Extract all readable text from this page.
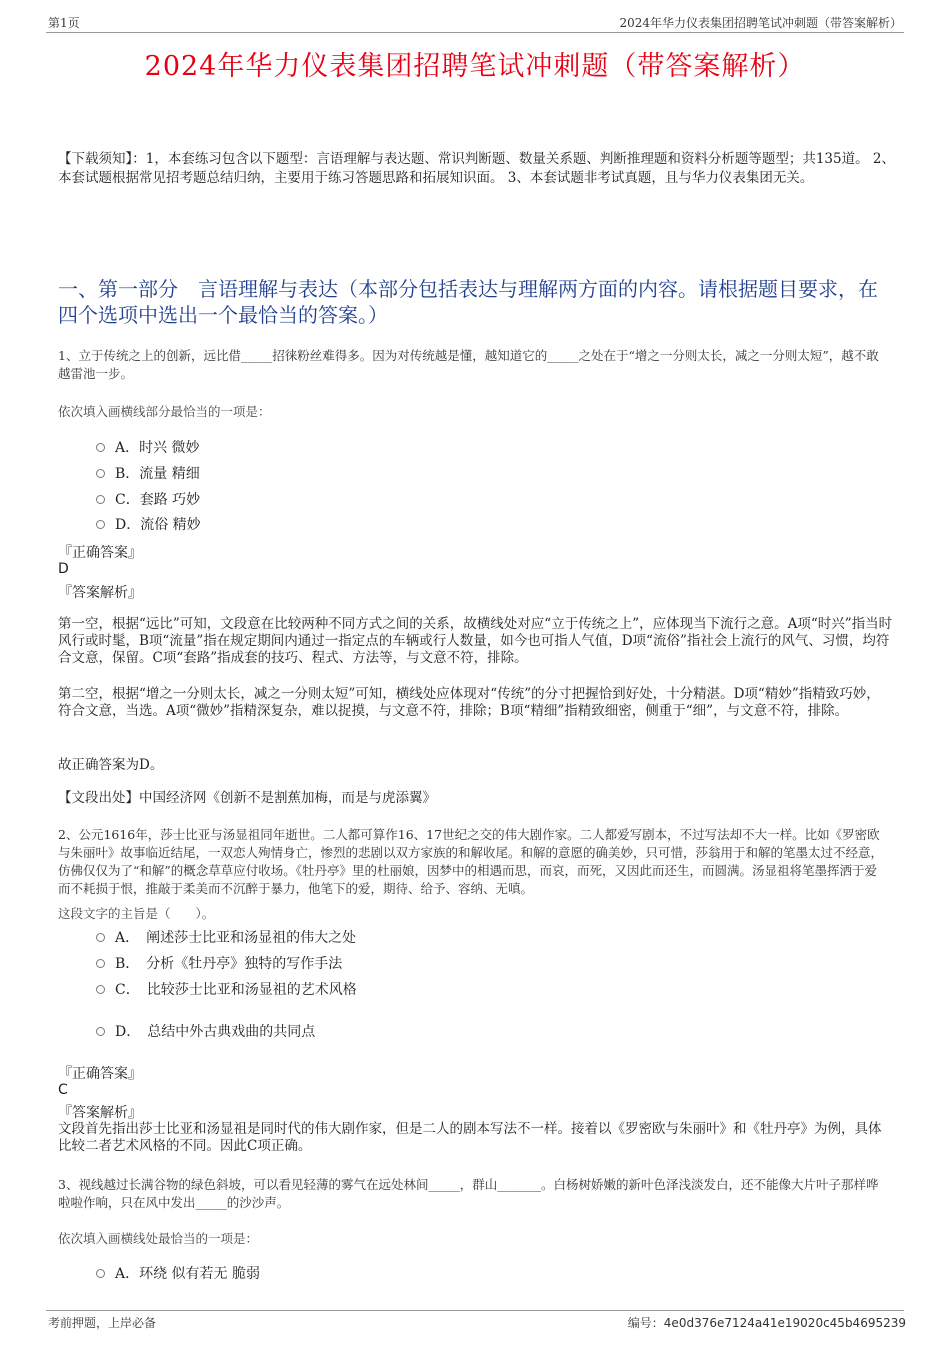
第1页	2024年华力仪表集团招聘笔试冲刺题（带答案解析）
2024年华力仪表集团招聘笔试冲刺题（带答案解析）
【下载须知】：1，本套练习包含以下题型：言语理解与表达题、常识判断题、数量关系题、判断推理题和资料分析题等题型；共135道。 2、本套试题根据常见招考题总结归纳，主要用于练习答题思路和拓展知识面。 3、本套试题非考试真题，且与华力仪表集团无关。
一、第一部分　言语理解与表达（本部分包括表达与理解两方面的内容。请根据题目要求，在四个选项中选出一个最恰当的答案。）
1、立于传统之上的创新，远比借_____招徕粉丝难得多。因为对传统越是懂，越知道它的_____之处在于“增之一分则太长，减之一分则太短”，越不敢越雷池一步。
依次填入画横线部分最恰当的一项是：
A．时兴 微妙
B．流量 精细
C．套路 巧妙
D．流俗 精妙
『正确答案』
D
『答案解析』
第一空，根据“远比”可知，文段意在比较两种不同方式之间的关系，故横线处对应“立于传统之上”，应体现当下流行之意。A项“时兴”指当时风行或时髦，B项“流量”指在规定期间内通过一指定点的车辆或行人数量，如今也可指人气值，D项“流俗”指社会上流行的风气、习惯，均符合文意，保留。C项“套路”指成套的技巧、程式、方法等，与文意不符，排除。
第二空，根据“增之一分则太长，减之一分则太短”可知，横线处应体现对“传统”的分寸把握恰到好处，十分精湛。D项“精妙”指精致巧妙，符合文意，当选。A项“微妙”指精深复杂，难以捉摸，与文意不符，排除；B项“精细”指精致细密，侧重于“细”，与文意不符，排除。
故正确答案为D。
【文段出处】中国经济网《创新不是割蕉加梅，而是与虎添翼》
2、公元1616年，莎士比亚与汤显祖同年逝世。二人都可算作16、17世纪之交的伟大剧作家。二人都爱写剧本，不过写法却不大一样。比如《罗密欧与朱丽叶》故事临近结尾，一双恋人殉情身亡，惨烈的悲剧以双方家族的和解收尾。和解的意愿的确美妙，只可惜，莎翁用于和解的笔墨太过不经意，仿佛仅仅为了“和解”的概念草草应付收场。《牡丹亭》里的杜丽娘，因梦中的相遇而思，而哀，而死，又因此而还生，而圆满。汤显祖将笔墨挥洒于爱而不耗损于恨，推敲于柔美而不沉醉于暴力，他笔下的爱，期待、给予、容纳、无嗔。
这段文字的主旨是（　　）。
A．　阐述莎士比亚和汤显祖的伟大之处
B．　分析《牡丹亭》独特的写作手法
C．　比较莎士比亚和汤显祖的艺术风格
D．　总结中外古典戏曲的共同点
『正确答案』
C
『答案解析』
文段首先指出莎士比亚和汤显祖是同时代的伟大剧作家，但是二人的剧本写法不一样。接着以《罗密欧与朱丽叶》和《牡丹亭》为例，具体比较二者艺术风格的不同。因此C项正确。
3、视线越过长满谷物的绿色斜坡，可以看见轻薄的雾气在远处林间_____，群山_______。白杨树娇嫩的新叶色泽浅淡发白，还不能像大片叶子那样哗啦啦作响，只在风中发出_____的沙沙声。
依次填入画横线处最恰当的一项是：
A．环绕 似有若无 脆弱
考前押题，上岸必备	编号：4e0d376e7124a41e19020c45b4695239
